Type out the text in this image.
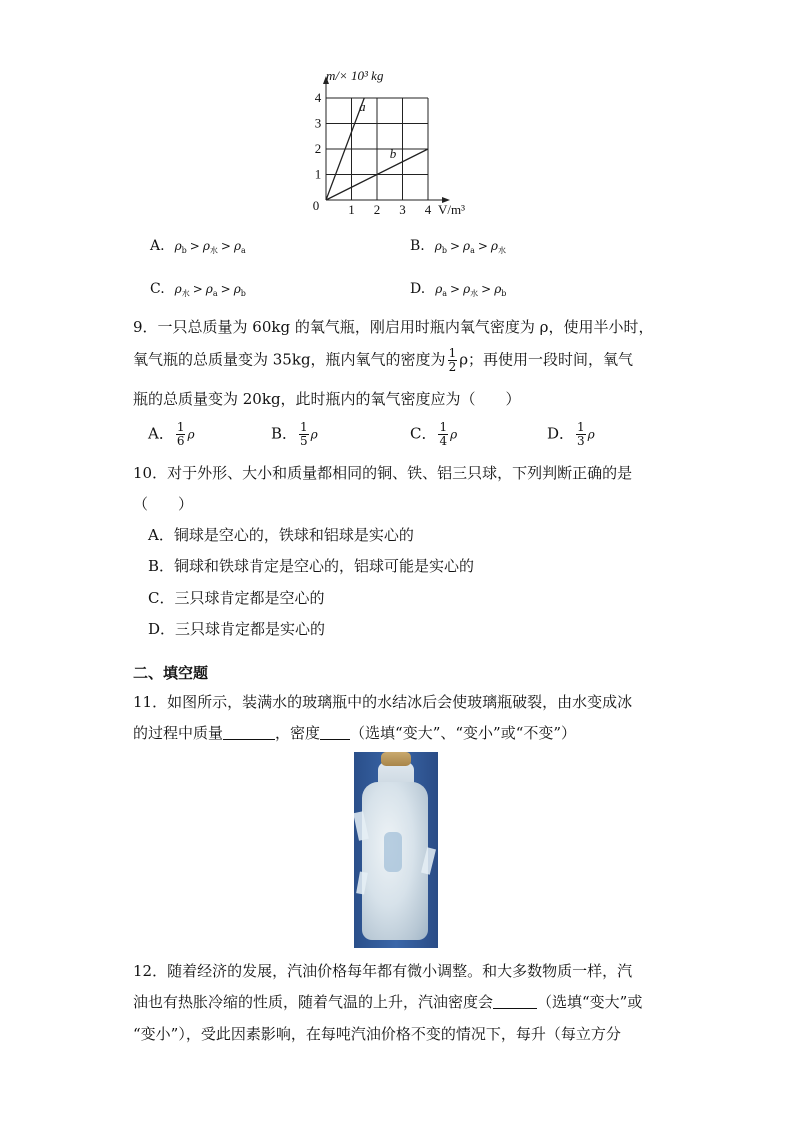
1 2 3 4
1
2
3
4
0	V/m³
m/× 10³ kg
a
b
A. $\rho_b > \rho_水 > \rho_a$	B. $\rho_b > \rho_a > \rho_水$
C. $\rho_水 > \rho_a > \rho_b$	D. $\rho_a > \rho_水 > \rho_b$
9．一只总质量为 60kg 的氧气瓶，刚启用时瓶内氧气密度为 ρ，使用半小时，
氧气瓶的总质量变为 35kg，瓶内氧气的密度为 $\frac{1}{2}$ ρ；再使用一段时间，氧气
瓶的总质量变为 20kg，此时瓶内的氧气密度应为（　　）
A． $\frac{1}{6}$ ρ	B． $\frac{1}{5}$ ρ	C． $\frac{1}{4}$ ρ	D． $\frac{1}{3}$ ρ
10．对于外形、大小和质量都相同的铜、铁、铝三只球，下列判断正确的是
（　　）
A．铜球是空心的，铁球和铝球是实心的
B．铜球和铁球肯定是空心的，铝球可能是实心的
C．三只球肯定都是空心的
D．三只球肯定都是实心的
二、填空题
11．如图所示，装满水的玻璃瓶中的水结冰后会使玻璃瓶破裂，由水变成冰
的过程中质量	，密度 （选填“变大”、“变小”或“不变”）
12．随着经济的发展，汽油价格每年都有微小调整。和大多数物质一样，汽
油也有热胀冷缩的性质，随着气温的上升，汽油密度会	（选填“变大”或
“变小”），受此因素影响，在每吨汽油价格不变的情况下，每升（每立方分
